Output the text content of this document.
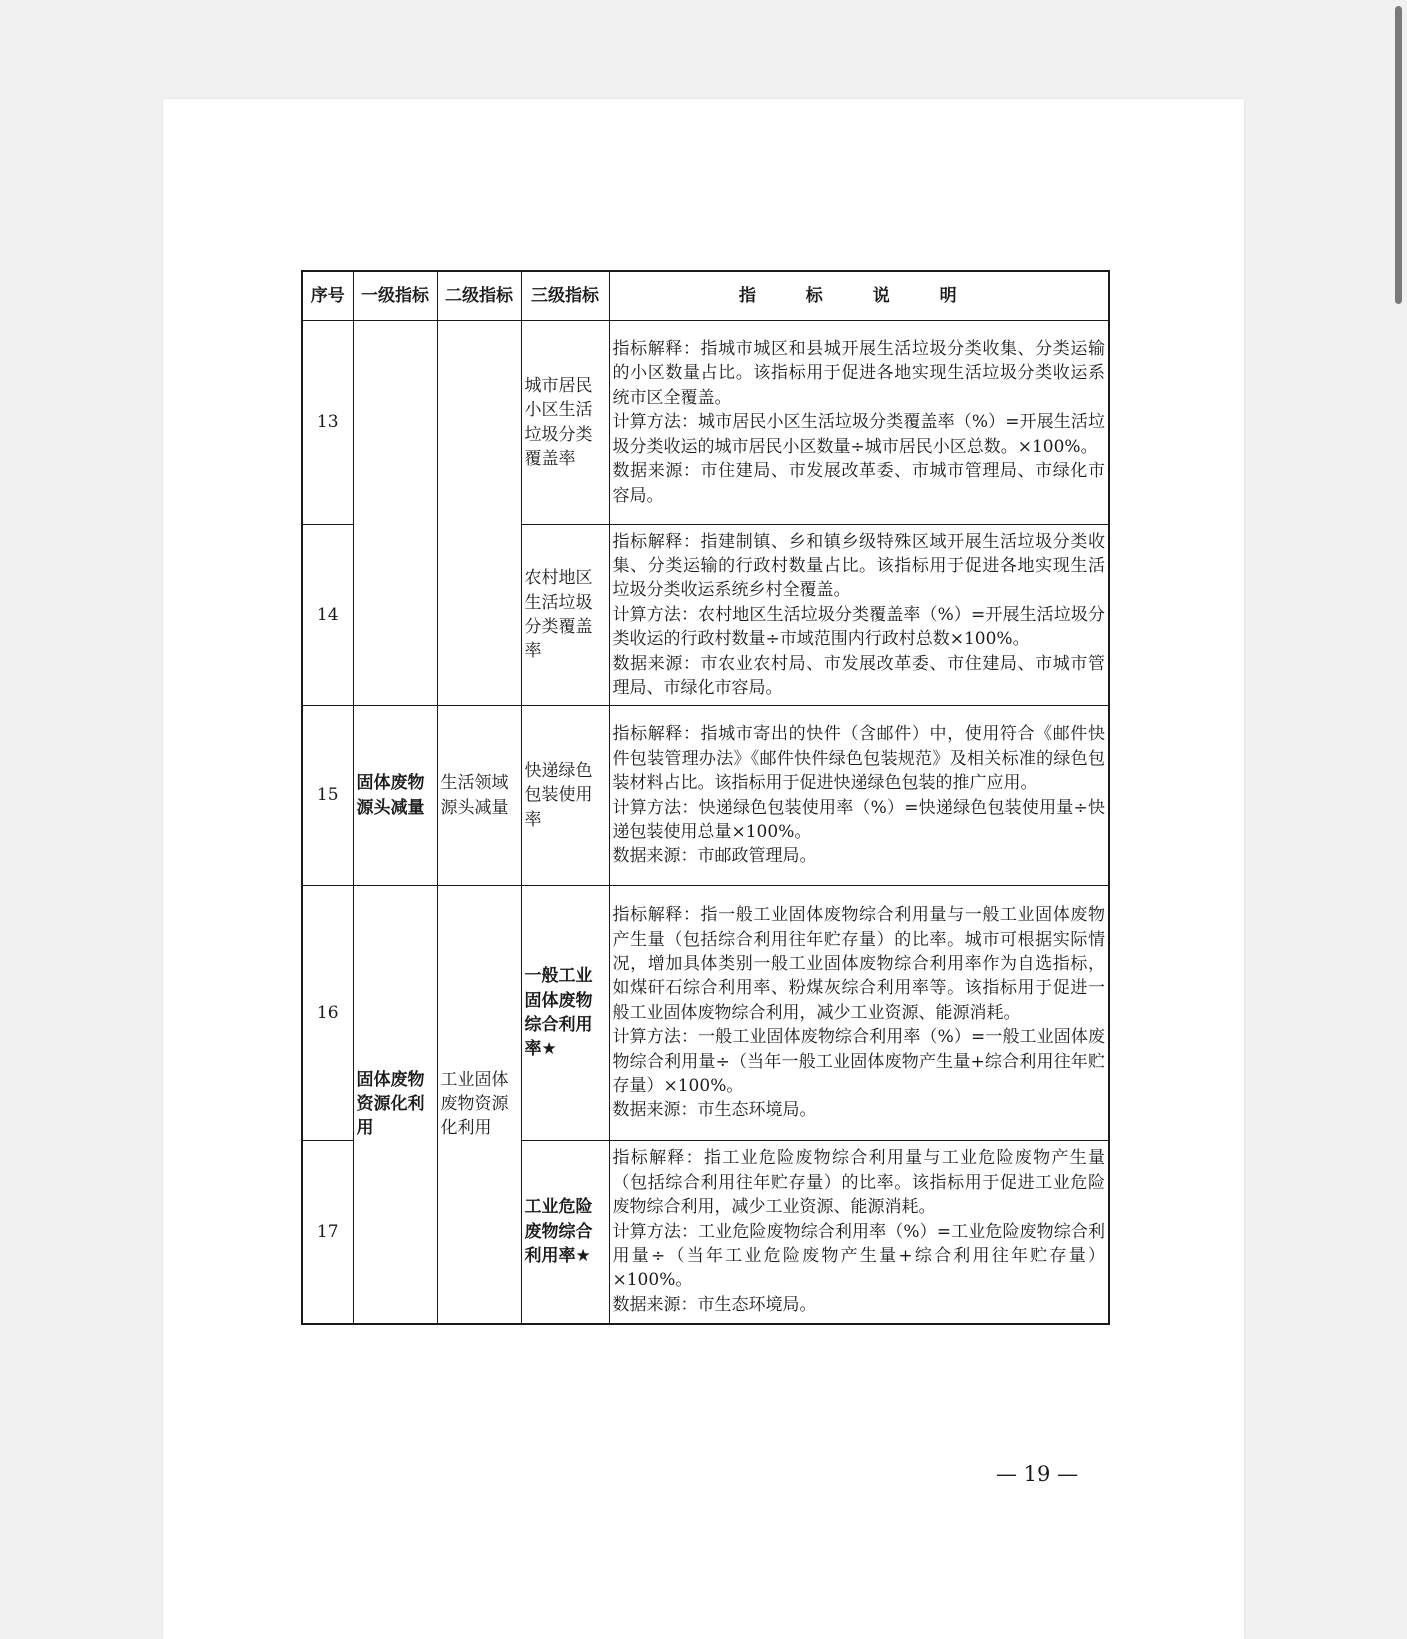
序号	一级指标	二级指标	三级指标	指 标 说 明
13			城市居民小区生活垃圾分类覆盖率	指标解释：指城市城区和县城开展生活垃圾分类收集、分类运输的小区数量占比。该指标用于促进各地实现生活垃圾分类收运系统市区全覆盖。
计算方法：城市居民小区生活垃圾分类覆盖率（%）=开展生活垃圾分类收运的城市居民小区数量÷城市居民小区总数。×100%。
数据来源：市住建局、市发展改革委、市城市管理局、市绿化市容局。

14			农村地区生活垃圾分类覆盖率	指标解释：指建制镇、乡和镇乡级特殊区域开展生活垃圾分类收集、分类运输的行政村数量占比。该指标用于促进各地实现生活垃圾分类收运系统乡村全覆盖。
计算方法：农村地区生活垃圾分类覆盖率（%）=开展生活垃圾分类收运的行政村数量÷市域范围内行政村总数×100%。
数据来源：市农业农村局、市发展改革委、市住建局、市城市管理局、市绿化市容局。

15	固体废物源头减量	生活领域源头减量	快递绿色包装使用率	指标解释：指城市寄出的快件（含邮件）中，使用符合《邮件快件包装管理办法》《邮件快件绿色包装规范》及相关标准的绿色包装材料占比。该指标用于促进快递绿色包装的推广应用。
计算方法：快递绿色包装使用率（%）=快递绿色包装使用量÷快递包装使用总量×100%。
数据来源：市邮政管理局。

16	固体废物资源化利用	工业固体废物资源化利用	一般工业固体废物综合利用率★	指标解释：指一般工业固体废物综合利用量与一般工业固体废物产生量（包括综合利用往年贮存量）的比率。城市可根据实际情况，增加具体类别一般工业固体废物综合利用率作为自选指标，如煤矸石综合利用率、粉煤灰综合利用率等。该指标用于促进一般工业固体废物综合利用，减少工业资源、能源消耗。
计算方法：一般工业固体废物综合利用率（%）=一般工业固体废物综合利用量÷（当年一般工业固体废物产生量+综合利用往年贮存量）×100%。
数据来源：市生态环境局。

17			工业危险废物综合利用率★	指标解释：指工业危险废物综合利用量与工业危险废物产生量（包括综合利用往年贮存量）的比率。该指标用于促进工业危险废物综合利用，减少工业资源、能源消耗。
计算方法：工业危险废物综合利用率（%）=工业危险废物综合利用量÷（当年工业危险废物产生量+综合利用往年贮存量）×100%。
数据来源：市生态环境局。
— 19 —
